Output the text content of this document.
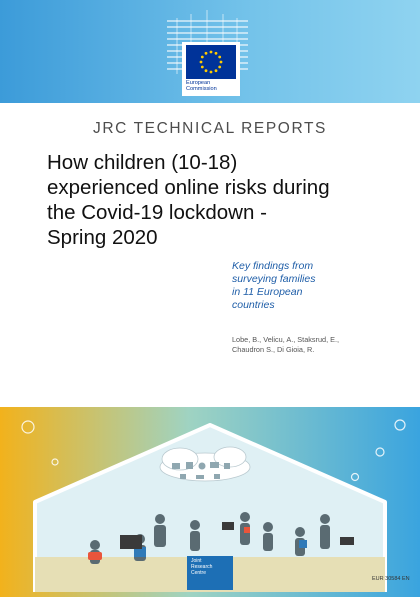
European
Commission
JRC TECHNICAL REPORTS
How children (10-18)
experienced online risks during
the Covid-19 lockdown -
Spring 2020
Key findings from
surveying families
in 11 European
countries
Lobe, B., Velicu, A., Staksrud, E.,
Chaudron S., Di Gioia, R.
Joint
Research
Centre
EUR 30584 EN
